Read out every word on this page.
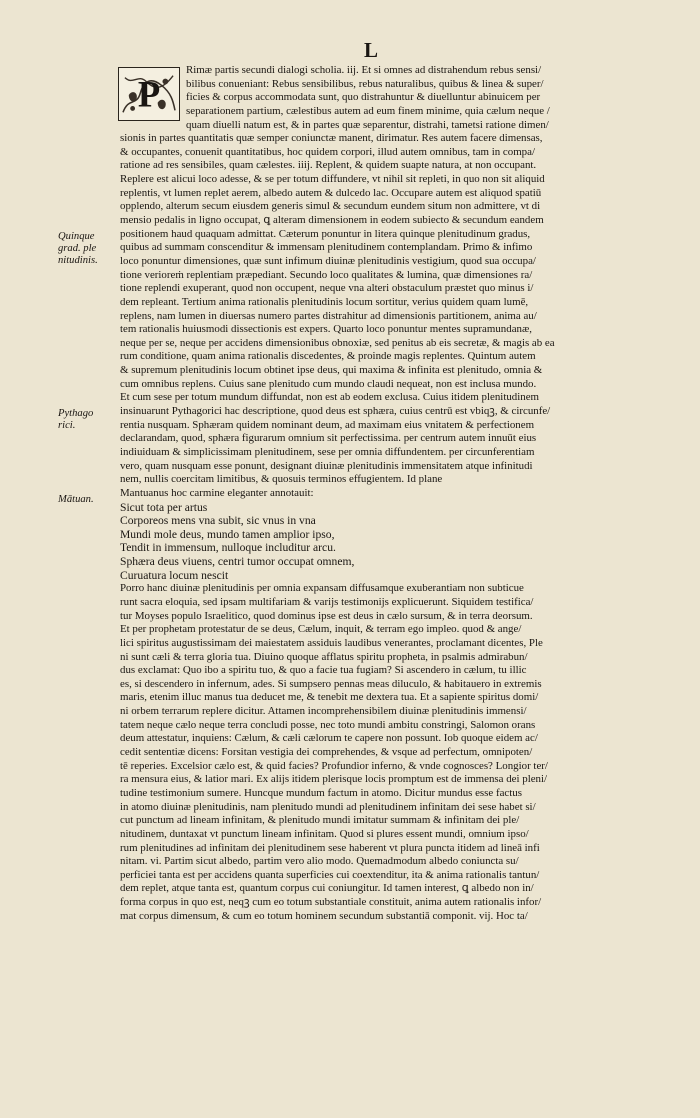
L
P
Quinque
grad. ple
nitudinis.
Pythago
rici.
Mātuan.
Rimæ partis secundi dialogi scholia. iij. Et si omnes ad distrahendum rebus sensi/
bilibus conueniant: Rebus sensibilibus, rebus naturalibus, quibus & linea & super/
ficies & corpus accommodata sunt, quo distrahuntur & diuelluntur abinuicem per
separationem partium, cælestibus autem ad eum finem minime, quia cælum neque /
quam diuelli natum est, & in partes quæ separentur, distrahi, tametsi ratione dimen/
sionis in partes quantitatis quæ semper coniunctæ manent, dirimatur. Res autem facere dimensas,
& occupantes, conuenit quantitatibus, hoc quidem corpori, illud autem omnibus, tam in compa/
ratione ad res sensibiles, quam cælestes. iiij. Replent, & quidem suapte natura, at non occupant.
Replere est alicui loco adesse, & se per totum diffundere, vt nihil sit repleti, in quo non sit aliquid
replentis, vt lumen replet aerem, albedo autem & dulcedo lac. Occupare autem est aliquod spatiū
opplendo, alterum secum eiusdem generis simul & secundum eundem situm non admittere, vt di
mensio pedalis in ligno occupat, ꝗ alteram dimensionem in eodem subiecto & secundum eandem
positionem haud quaquam admittat. Cæterum ponuntur in litera quinque plenitudinum gradus,
quibus ad summam conscenditur & immensam plenitudinem contemplandam. Primo & infimo
loco ponuntur dimensiones, quæ sunt infimum diuinæ plenitudinis vestigium, quod sua occupa/
tione verioreṁ replentiam præpediant. Secundo loco qualitates & lumina, quæ dimensiones ra/
tione replendi exuperant, quod non occupent, neque vna alteri obstaculum præstet quo minus i/
dem repleant. Tertium anima rationalis plenitudinis locum sortitur, verius quidem quam lumē,
replens, nam lumen in diuersas numero partes distrahitur ad dimensionis partitionem, anima au/
tem rationalis huiusmodi dissectionis est expers. Quarto loco ponuntur mentes supramundanæ,
neque per se, neque per accidens dimensionibus obnoxiæ, sed penitus ab eis secretæ, & magis ab ea
rum conditione, quam anima rationalis discedentes, & proinde magis replentes. Quintum autem
& supremum plenitudinis locum obtinet ipse deus, qui maxima & infinita est plenitudo, omnia &
cum omnibus replens. Cuius sane plenitudo cum mundo claudi nequeat, non est inclusa mundo.
Et cum sese per totum mundum diffundat, non est ab eodem exclusa. Cuius itidem plenitudinem
insinuarunt Pythagorici hac descriptione, quod deus est sphæra, cuius centrū est vbiqꝫ, & circunfe/
rentia nusquam. Sphæram quidem nominant deum, ad maximam eius vnitatem & perfectionem
declarandam, quod, sphæra figurarum omnium sit perfectissima. per centrum autem innuūt eius
indiuiduam & simplicissimam plenitudinem, sese per omnia diffundentem. per circunferentiam
vero, quam nusquam esse ponunt, designant diuinæ plenitudinis immensitatem atque infinitudi
nem, nullis coercitam limitibus, & quosuis terminos effugientem. Id plane
Mantuanus hoc carmine eleganter annotauit:
Sicut tota per artus
Corporeos mens vna subit, sic vnus in vna
Mundi mole deus, mundo tamen amplior ipso,
Tendit in immensum, nulloque includitur arcu.
Sphæra deus viuens, centri tumor occupat omnem,
Curuatura locum nescit
Porro hanc diuinæ plenitudinis per omnia expansam diffusamque exuberantiam non subticue
runt sacra eloquia, sed ipsam multifariam & varijs testimonijs explicuerunt. Siquidem testifica/
tur Moyses populo Israelitico, quod dominus ipse est deus in cælo sursum, & in terra deorsum.
Et per prophetam protestatur de se deus, Cælum, inquit, & terram ego impleo. quod & ange/
lici spiritus augustissimam dei maiestatem assiduis laudibus venerantes, proclamant dicentes, Ple
ni sunt cæli & terra gloria tua. Diuino quoque afflatus spiritu propheta, in psalmis admirabun/
dus exclamat: Quo ibo a spiritu tuo, & quo a facie tua fugiam? Si ascendero in cælum, tu illic
es, si descendero in infernum, ades. Si sumpsero pennas meas diluculo, & habitauero in extremis
maris, etenim illuc manus tua deducet me, & tenebit me dextera tua. Et a sapiente spiritus domi/
ni orbem terrarum replere dicitur. Attamen incomprehensibilem diuinæ plenitudinis immensi/
tatem neque cælo neque terra concludi posse, nec toto mundi ambitu constringi, Salomon orans
deum attestatur, inquiens: Cælum, & cæli cælorum te capere non possunt. Iob quoque eidem ac/
cedit sententiæ dicens: Forsitan vestigia dei comprehendes, & vsque ad perfectum, omnipoten/
tē reperies. Excelsior cælo est, & quid facies? Profundior inferno, & vnde cognosces? Longior ter/
ra mensura eius, & latior mari. Ex alijs itidem plerisque locis promptum est de immensa dei pleni/
tudine testimonium sumere. Huncque mundum factum in atomo. Dicitur mundus esse factus
in atomo diuinæ plenitudinis, nam plenitudo mundi ad plenitudinem infinitam dei sese habet si/
cut punctum ad lineam infinitam, & plenitudo mundi imitatur summam & infinitam dei ple/
nitudinem, duntaxat vt punctum lineam infinitam. Quod si plures essent mundi, omnium ipso/
rum plenitudines ad infinitam dei plenitudinem sese haberent vt plura puncta itidem ad lineā infi
nitam. vi. Partim sicut albedo, partim vero alio modo. Quemadmodum albedo coniuncta su/
perficiei tanta est per accidens quanta superficies cui coextenditur, ita & anima rationalis tantun/
dem replet, atque tanta est, quantum corpus cui coniungitur. Id tamen interest, ꝗ albedo non in/
forma corpus in quo est, neqꝫ cum eo totum substantiale constituit, anima autem rationalis infor/
mat corpus dimensum, & cum eo totum hominem secundum substantiā componit. vij. Hoc ta/
